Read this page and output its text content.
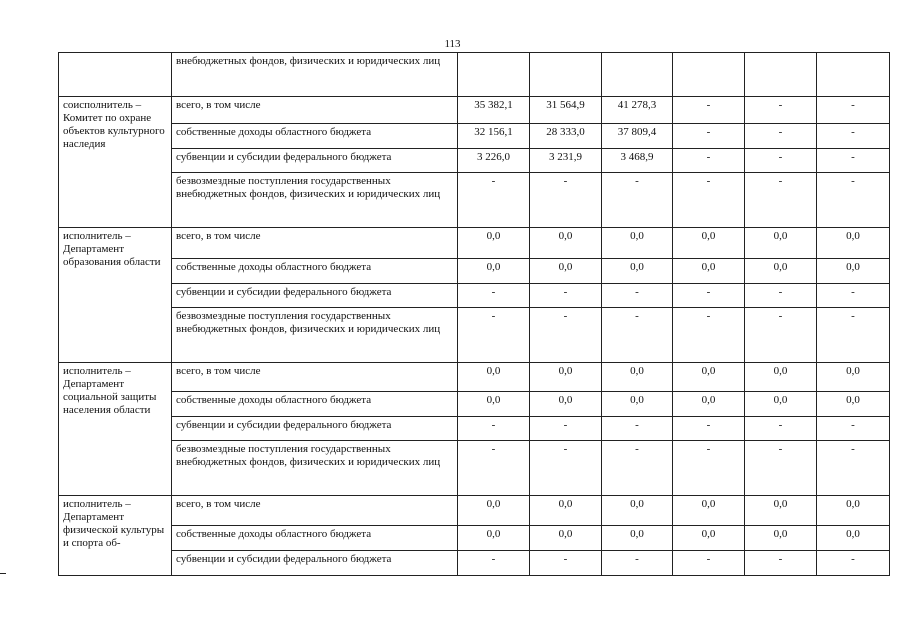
113
	внебюджетных фондов, физических и юридических лиц						
соисполнитель – Комитет по охране объектов культурного наследия	всего, в том числе	35 382,1	31 564,9	41 278,3	-	-	-
	собственные доходы областного бюджета	32 156,1	28 333,0	37 809,4	-	-	-
	субвенции и субсидии федерального бюджета	3 226,0	3 231,9	3 468,9	-	-	-
	безвозмездные поступления государственных внебюджетных фондов, физических и юридических лиц	-	-	-	-	-	-
исполнитель – Департамент образования области	всего, в том числе	0,0	0,0	0,0	0,0	0,0	0,0
	собственные доходы областного бюджета	0,0	0,0	0,0	0,0	0,0	0,0
	субвенции и субсидии федерального бюджета	-	-	-	-	-	-
	безвозмездные поступления государственных внебюджетных фондов, физических и юридических лиц	-	-	-	-	-	-
исполнитель – Департамент социальной защиты населения области	всего, в том числе	0,0	0,0	0,0	0,0	0,0	0,0
	собственные доходы областного бюджета	0,0	0,0	0,0	0,0	0,0	0,0
	субвенции и субсидии федерального бюджета	-	-	-	-	-	-
	безвозмездные поступления государственных внебюджетных фондов, физических и юридических лиц	-	-	-	-	-	-
исполнитель – Департамент физической культуры и спорта об-	всего, в том числе	0,0	0,0	0,0	0,0	0,0	0,0
	собственные доходы областного бюджета	0,0	0,0	0,0	0,0	0,0	0,0
	субвенции и субсидии федерального бюджета	-	-	-	-	-	-
